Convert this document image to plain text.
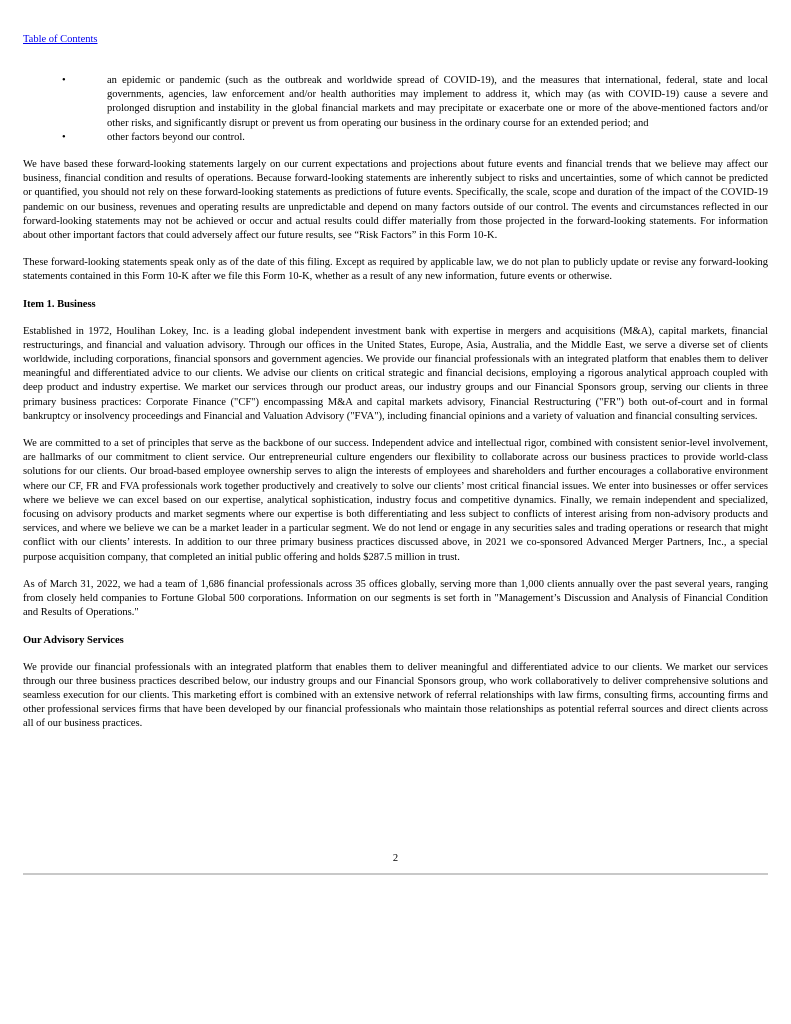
Table of Contents
•	an epidemic or pandemic (such as the outbreak and worldwide spread of COVID-19), and the measures that international, federal, state and local governments, agencies, law enforcement and/or health authorities may implement to address it, which may (as with COVID-19) cause a severe and prolonged disruption and instability in the global financial markets and may precipitate or exacerbate one or more of the above-mentioned factors and/or other risks, and significantly disrupt or prevent us from operating our business in the ordinary course for an extended period; and
•	other factors beyond our control.

We have based these forward-looking statements largely on our current expectations and projections about future events and financial trends that we believe may affect our business, financial condition and results of operations. Because forward-looking statements are inherently subject to risks and uncertainties, some of which cannot be predicted or quantified, you should not rely on these forward-looking statements as predictions of future events. Specifically, the scale, scope and duration of the impact of the COVID-19 pandemic on our business, revenues and operating results are unpredictable and depend on many factors outside of our control. The events and circumstances reflected in our forward-looking statements may not be achieved or occur and actual results could differ materially from those projected in the forward-looking statements. For information about other important factors that could adversely affect our future results, see “Risk Factors” in this Form 10-K.

These forward-looking statements speak only as of the date of this filing. Except as required by applicable law, we do not plan to publicly update or revise any forward-looking statements contained in this Form 10-K after we file this Form 10-K, whether as a result of any new information, future events or otherwise.

Item 1. Business

Established in 1972, Houlihan Lokey, Inc. is a leading global independent investment bank with expertise in mergers and acquisitions (M&A), capital markets, financial restructurings, and financial and valuation advisory. Through our offices in the United States, Europe, Asia, Australia, and the Middle East, we serve a diverse set of clients worldwide, including corporations, financial sponsors and government agencies. We provide our financial professionals with an integrated platform that enables them to deliver meaningful and differentiated advice to our clients. We advise our clients on critical strategic and financial decisions, employing a rigorous analytical approach coupled with deep product and industry expertise. We market our services through our product areas, our industry groups and our Financial Sponsors group, serving our clients in three primary business practices: Corporate Finance ("CF") encompassing M&A and capital markets advisory, Financial Restructuring ("FR") both out-of-court and in formal bankruptcy or insolvency proceedings and Financial and Valuation Advisory ("FVA"), including financial opinions and a variety of valuation and financial consulting services.

We are committed to a set of principles that serve as the backbone of our success. Independent advice and intellectual rigor, combined with consistent senior-level involvement, are hallmarks of our commitment to client service. Our entrepreneurial culture engenders our flexibility to collaborate across our business practices to provide world-class solutions for our clients. Our broad-based employee ownership serves to align the interests of employees and shareholders and further encourages a collaborative environment where our CF, FR and FVA professionals work together productively and creatively to solve our clients’ most critical financial issues. We enter into businesses or offer services where we believe we can excel based on our expertise, analytical sophistication, industry focus and competitive dynamics. Finally, we remain independent and specialized, focusing on advisory products and market segments where our expertise is both differentiating and less subject to conflicts of interest arising from non-advisory products and services, and where we believe we can be a market leader in a particular segment. We do not lend or engage in any securities sales and trading operations or research that might conflict with our clients’ interests. In addition to our three primary business practices discussed above, in 2021 we co-sponsored Advanced Merger Partners, Inc., a special purpose acquisition company, that completed an initial public offering and holds $287.5 million in trust.

As of March 31, 2022, we had a team of 1,686 financial professionals across 35 offices globally, serving more than 1,000 clients annually over the past several years, ranging from closely held companies to Fortune Global 500 corporations. Information on our segments is set forth in "Management’s Discussion and Analysis of Financial Condition and Results of Operations."

Our Advisory Services

We provide our financial professionals with an integrated platform that enables them to deliver meaningful and differentiated advice to our clients. We market our services through our three business practices described below, our industry groups and our Financial Sponsors group, who work collaboratively to deliver comprehensive solutions and seamless execution for our clients. This marketing effort is combined with an extensive network of referral relationships with law firms, consulting firms, accounting firms and other professional services firms that have been developed by our financial professionals who maintain those relationships as potential referral sources and direct clients across all of our business practices.

2
